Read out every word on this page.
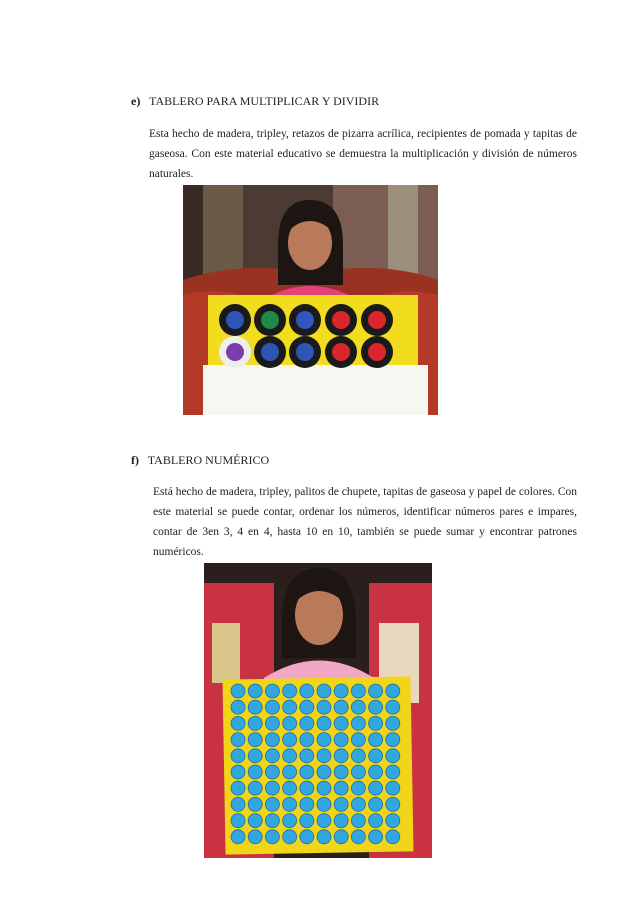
e) TABLERO PARA MULTIPLICAR Y DIVIDIR
Esta hecho de madera, tripley, retazos de pizarra acrílica, recipientes de pomada y tapitas de gaseosa. Con este material educativo se demuestra la multiplicación y división de números naturales.
f) TABLERO NUMÉRICO
Está hecho de madera, tripley, palitos de chupete, tapitas de gaseosa y papel de colores. Con este material se puede contar, ordenar los números, identificar números pares e impares, contar de 3en 3, 4 en 4, hasta 10 en 10, también se puede sumar y encontrar patrones numéricos.
